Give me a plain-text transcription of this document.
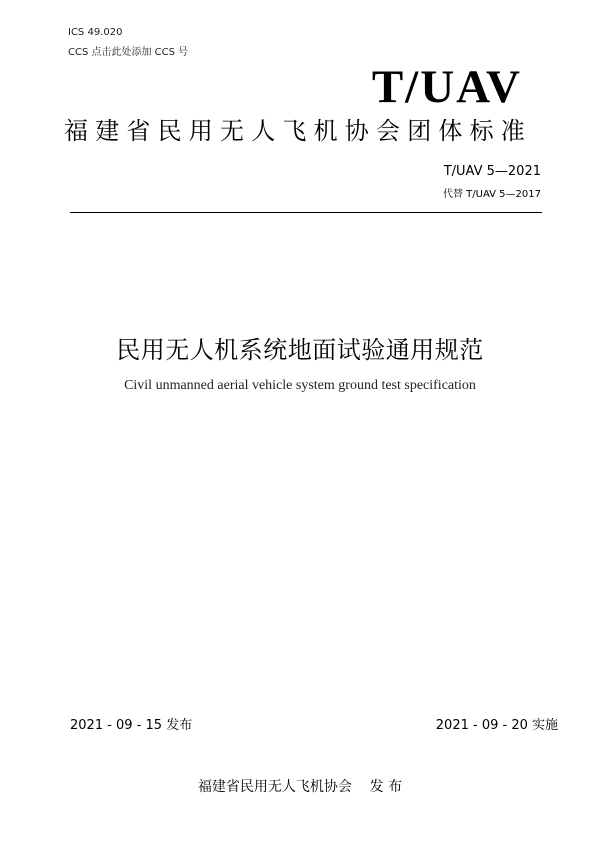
ICS 49.020
CCS 点击此处添加 CCS 号
T/UAV
福建省民用无人飞机协会团体标准
T/UAV 5—2021
代替 T/UAV 5—2017
民用无人机系统地面试验通用规范
Civil unmanned aerial vehicle system ground test specification
2021 - 09 - 15 发布	2021 - 09 - 20 实施
福建省民用无人飞机协会    发 布
